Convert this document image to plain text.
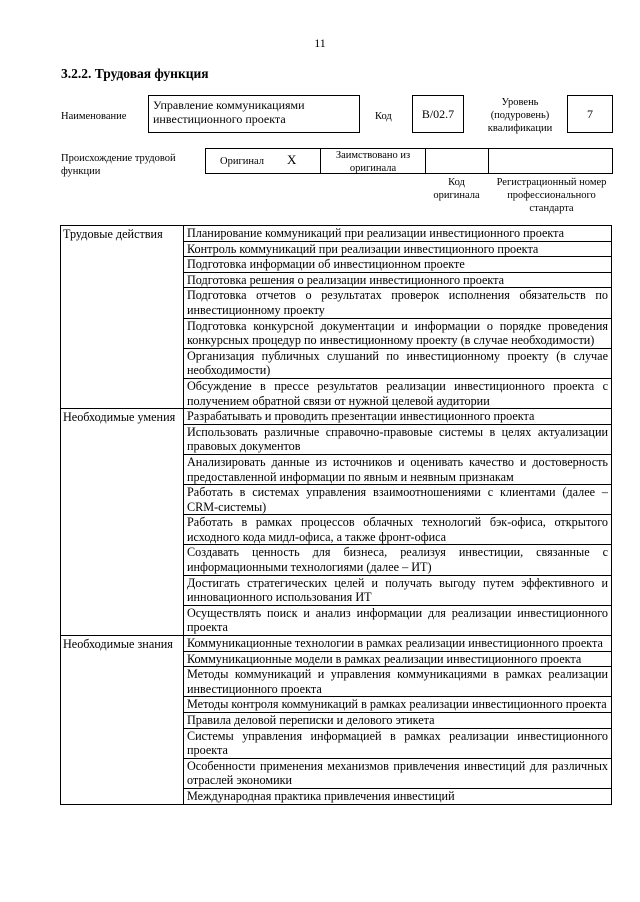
11
3.2.2. Трудовая функция
Наименование
Управление коммуникациями инвестиционного проекта	Код	B/02.7
Уровень (подуровень) квалификации
7
Происхождение трудовой функции
Оригинал X	Заимствовано из оригинала
Код оригинала
Регистрационный номер профессионального стандарта
Трудовые действия	Планирование коммуникаций при реализации инвестиционного проекта

	Контроль коммуникаций при реализации инвестиционного проекта

	Подготовка информации об инвестиционном проекте

	Подготовка решения о реализации инвестиционного проекта

	Подготовка отчетов о результатах проверок исполнения обязательств по инвестиционному проекту

	Подготовка конкурсной документации и информации о порядке проведения конкурсных процедур по инвестиционному проекту (в случае необходимости)

	Организация публичных слушаний по инвестиционному проекту (в случае необходимости)

	Обсуждение в прессе результатов реализации инвестиционного проекта с получением обратной связи от нужной целевой аудитории

Необходимые умения	Разрабатывать и проводить презентации инвестиционного проекта

	Использовать различные справочно-правовые системы в целях актуализации правовых документов

	Анализировать данные из источников и оценивать качество и достоверность предоставленной информации по явным и неявным признакам

	Работать в системах управления взаимоотношениями с клиентами (далее – CRM-системы)

	Работать в рамках процессов облачных технологий бэк-офиса, открытого исходного кода мидл-офиса, а также фронт-офиса

	Создавать ценность для бизнеса, реализуя инвестиции, связанные с информационными технологиями (далее – ИТ)

	Достигать стратегических целей и получать выгоду путем эффективного и инновационного использования ИТ

	Осуществлять поиск и анализ информации для реализации инвестиционного проекта

Необходимые знания	Коммуникационные технологии в рамках реализации инвестиционного проекта

	Коммуникационные модели в рамках реализации инвестиционного проекта

	Методы коммуникаций и управления коммуникациями в рамках реализации инвестиционного проекта

	Методы контроля коммуникаций в рамках реализации инвестиционного проекта

	Правила деловой переписки и делового этикета

	Системы управления информацией в рамках реализации инвестиционного проекта

	Особенности применения механизмов привлечения инвестиций для различных отраслей экономики

	Международная практика привлечения инвестиций
